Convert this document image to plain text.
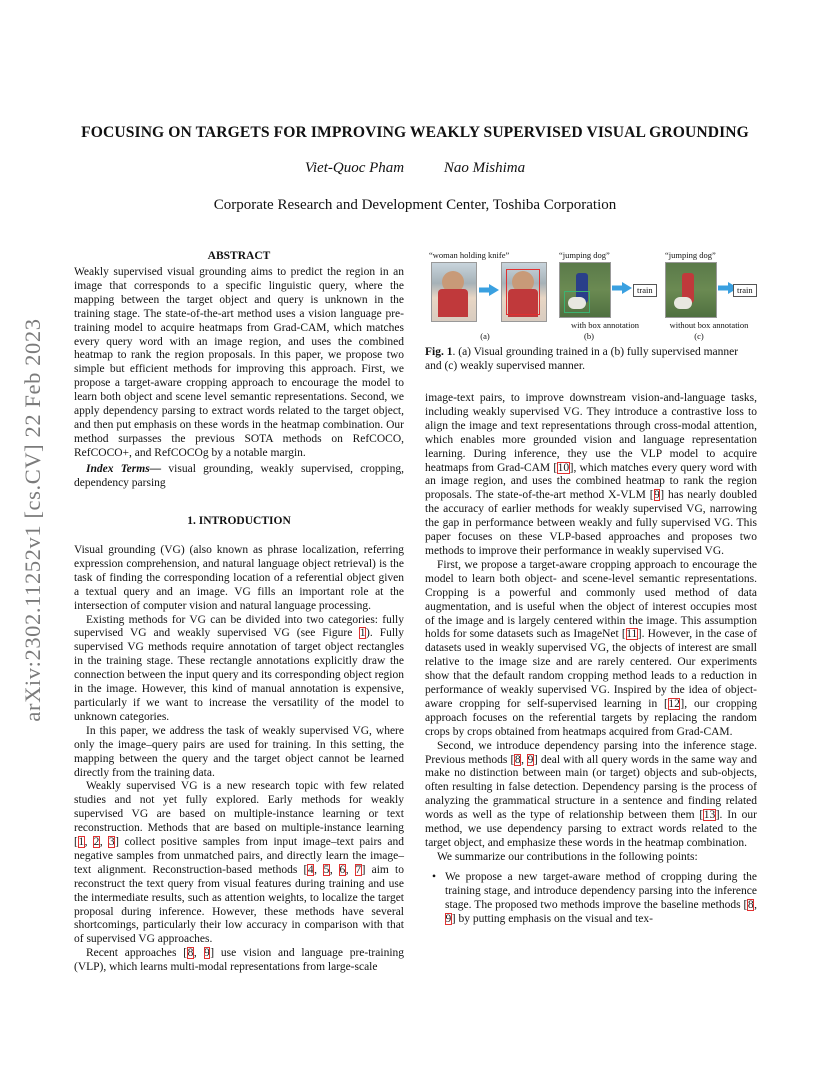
arXiv:2302.11252v1 [cs.CV] 22 Feb 2023
FOCUSING ON TARGETS FOR IMPROVING WEAKLY SUPERVISED VISUAL GROUNDING
Viet-Quoc Pham	Nao Mishima
Corporate Research and Development Center, Toshiba Corporation
ABSTRACT

Weakly supervised visual grounding aims to predict the region in an image that corresponds to a specific linguistic query, where the mapping between the target object and query is unknown in the training stage. The state-of-the-art method uses a vision language pre-training model to acquire heatmaps from Grad-CAM, which matches every query word with an image region, and uses the combined heatmap to rank the region proposals. In this paper, we propose two simple but efficient methods for improving this approach. First, we propose a target-aware cropping approach to encourage the model to learn both object and scene level semantic representations. Second, we apply dependency parsing to extract words related to the target object, and then put emphasis on these words in the heatmap combination. Our method surpasses the previous SOTA methods on RefCOCO, RefCOCO+, and RefCOCOg by a notable margin.

Index Terms— visual grounding, weakly supervised, cropping, dependency parsing

1. INTRODUCTION

Visual grounding (VG) (also known as phrase localization, referring expression comprehension, and natural language object retrieval) is the task of finding the corresponding location of a referential object given a textual query and an image. VG fills an important role at the intersection of computer vision and natural language processing.

Existing methods for VG can be divided into two categories: fully supervised VG and weakly supervised VG (see Figure 1). Fully supervised VG methods require annotation of target object rectangles in the training stage. These rectangle annotations explicitly draw the connection between the input query and its corresponding object region in the image. However, this kind of manual annotation is expensive, particularly if we want to increase the versatility of the model to unknown categories.

In this paper, we address the task of weakly supervised VG, where only the image–query pairs are used for training. In this setting, the mapping between the query and the target object cannot be learned directly from the training data.

Weakly supervised VG is a new research topic with few related studies and not yet fully explored. Early methods for weakly supervised VG are based on multiple-instance learning or text reconstruction. Methods that are based on multiple-instance learning [1, 2, 3] collect positive samples from input image–text pairs and negative samples from unmatched pairs, and directly learn the image–text alignment. Reconstruction-based methods [4, 5, 6, 7] aim to reconstruct the text query from visual features during training and use the intermediate results, such as attention weights, to localize the target proposal during inference. However, these methods have several shortcomings, particularly their low accuracy in comparison with that of supervised VG approaches.

Recent approaches [8, 9] use vision and language pre-training (VLP), which learns multi-modal representations from large-scale

“woman holding knife”
(a)
“jumping dog”
train
with box annotation
(b)
“jumping dog”
train
without box annotation
(c)
Fig. 1. (a) Visual grounding trained in a (b) fully supervised manner and (c) weakly supervised manner.

image-text pairs, to improve downstream vision-and-language tasks, including weakly supervised VG. They introduce a contrastive loss to align the image and text representations through cross-modal attention, which enables more grounded vision and language representation learning. During inference, they use the VLP model to acquire heatmaps from Grad-CAM [10], which matches every query word with an image region, and uses the combined heatmap to rank the region proposals. The state-of-the-art method X-VLM [9] has nearly doubled the accuracy of earlier methods for weakly supervised VG, narrowing the gap in performance between weakly and fully supervised VG. This paper focuses on these VLP-based approaches and proposes two methods to improve their performance in weakly supervised VG.

First, we propose a target-aware cropping approach to encourage the model to learn both object- and scene-level semantic representations. Cropping is a powerful and commonly used method of data augmentation, and is useful when the object of interest occupies most of the image and is largely centered within the image. This assumption holds for some datasets such as ImageNet [11]. However, in the case of datasets used in weakly supervised VG, the objects of interest are small relative to the image size and are rarely centered. Our experiments show that the default random cropping method leads to a reduction in performance of weakly supervised VG. Inspired by the idea of object-aware cropping for self-supervised learning in [12], our cropping approach focuses on the referential targets by replacing the random crops by crops obtained from heatmaps acquired from Grad-CAM.

Second, we introduce dependency parsing into the inference stage. Previous methods [8, 9] deal with all query words in the same way and make no distinction between main (or target) objects and sub-objects, often resulting in false detection. Dependency parsing is the process of analyzing the grammatical structure in a sentence and finding related words as well as the type of relationship between them [13]. In our method, we use dependency parsing to extract words related to the target object, and emphasize these words in the heatmap combination.

We summarize our contributions in the following points:

• We propose a new target-aware method of cropping during the training stage, and introduce dependency parsing into the inference stage. The proposed two methods improve the baseline methods [8, 9] by putting emphasis on the visual and tex-
